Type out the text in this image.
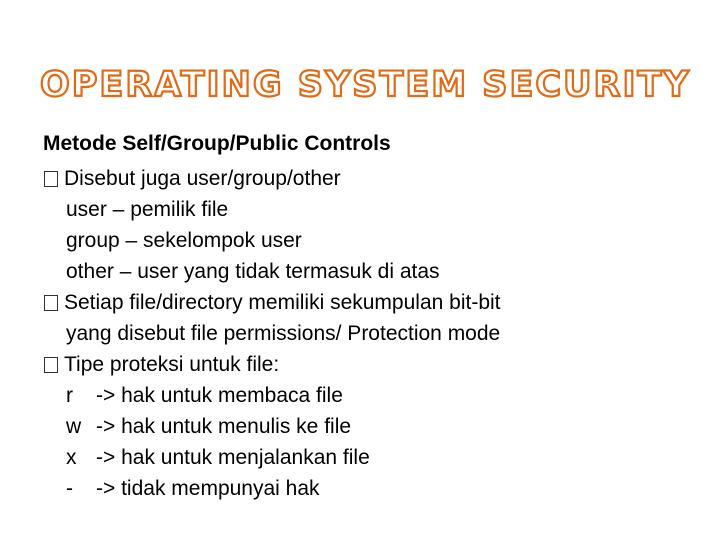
OPERATING SYSTEM SECURITY
Metode Self/Group/Public Controls
Disebut juga user/group/other
user – pemilik file
group – sekelompok user
other – user yang tidak termasuk di atas
Setiap file/directory memiliki sekumpulan bit-bit
yang disebut file permissions/ Protection mode
Tipe proteksi untuk file:
r	-> hak untuk membaca file
w -> hak untuk menulis ke file
x -> hak untuk menjalankan file
-	-> tidak mempunyai hak
